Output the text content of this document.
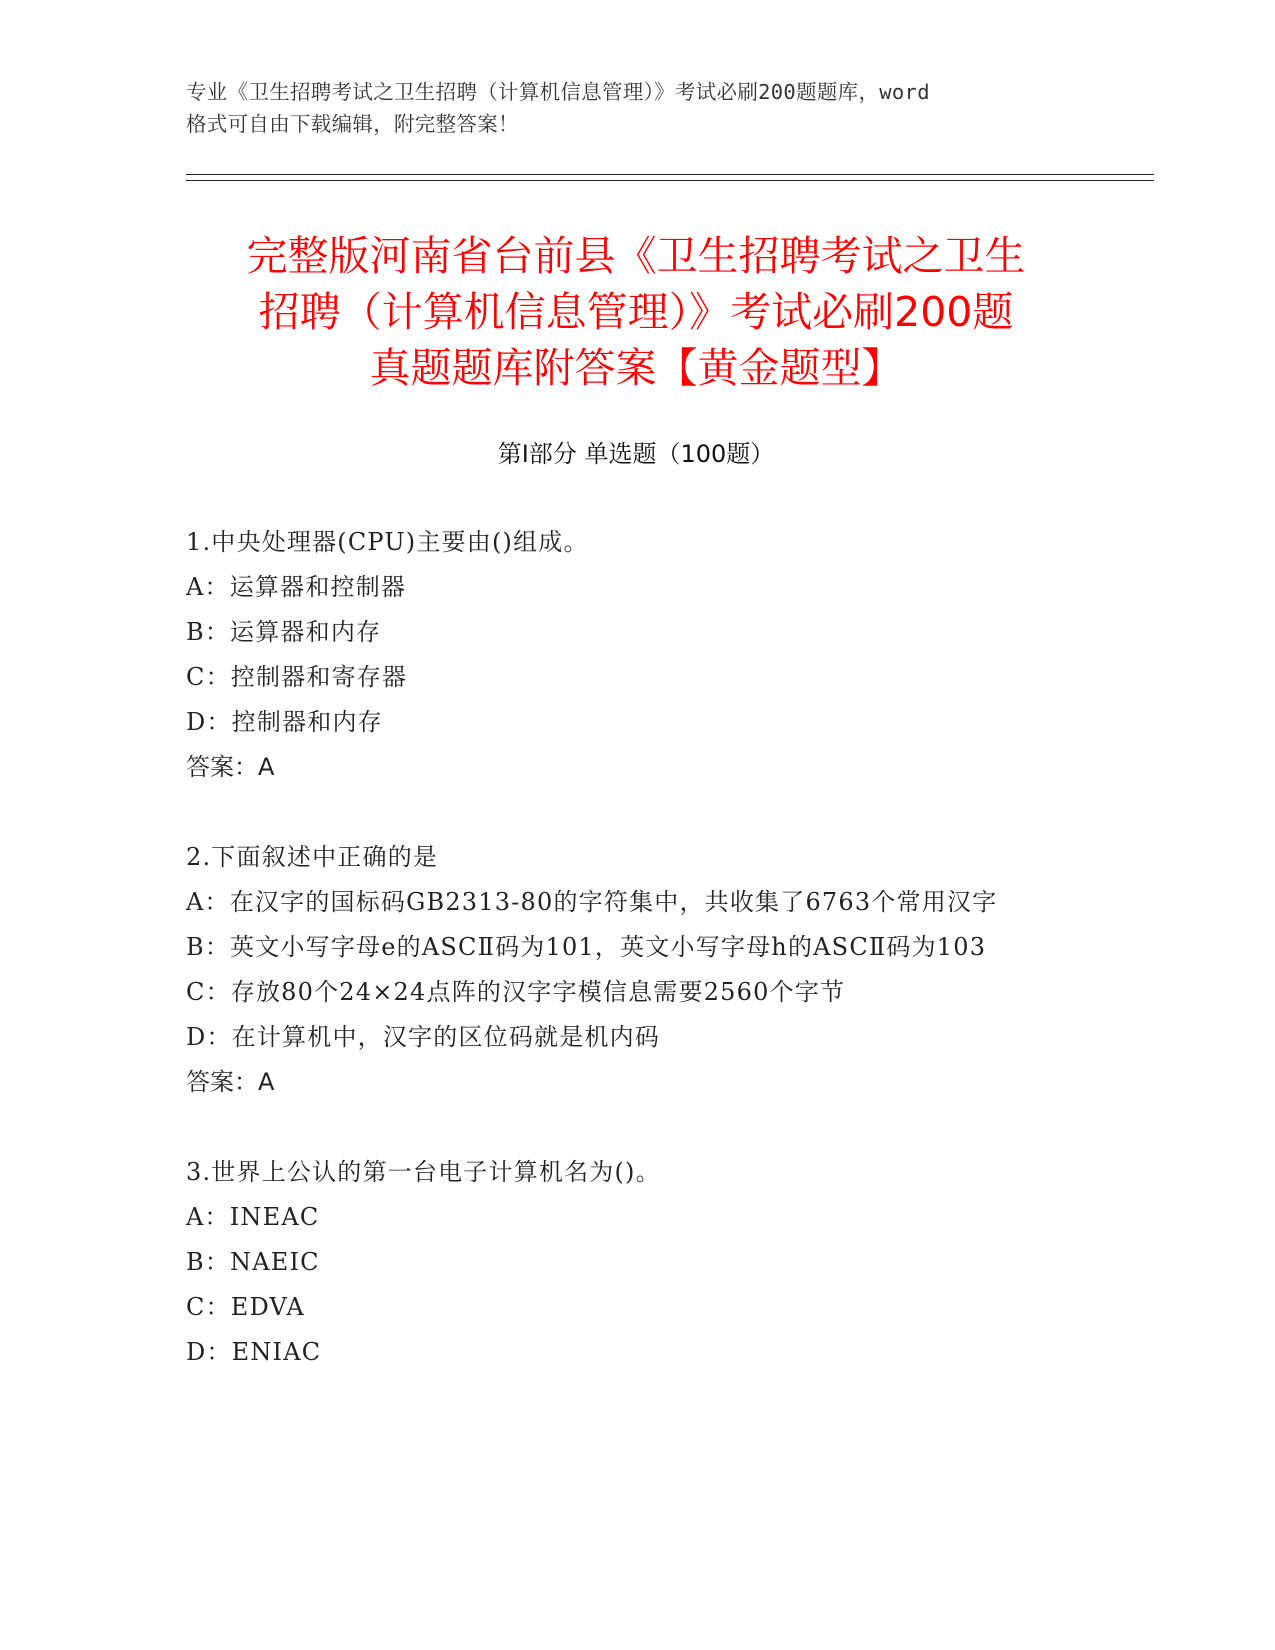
专业《卫生招聘考试之卫生招聘（计算机信息管理）》考试必刷200题题库，word
格式可自由下载编辑，附完整答案！
完整版河南省台前县《卫生招聘考试之卫生
招聘（计算机信息管理）》考试必刷200题
真题题库附答案【黄金题型】
第Ⅰ部分 单选题（100题）
1.中央处理器(CPU)主要由()组成。
A：运算器和控制器
B：运算器和内存
C：控制器和寄存器
D：控制器和内存
答案：A
2.下面叙述中正确的是
A：在汉字的国标码GB2313-80的字符集中，共收集了6763个常用汉字
B：英文小写字母e的ASCⅡ码为101，英文小写字母h的ASCⅡ码为103
C：存放80个24×24点阵的汉字字模信息需要2560个字节
D：在计算机中，汉字的区位码就是机内码
答案：A
3.世界上公认的第一台电子计算机名为()。
A：INEAC
B：NAEIC
C：EDVA
D：ENIAC
